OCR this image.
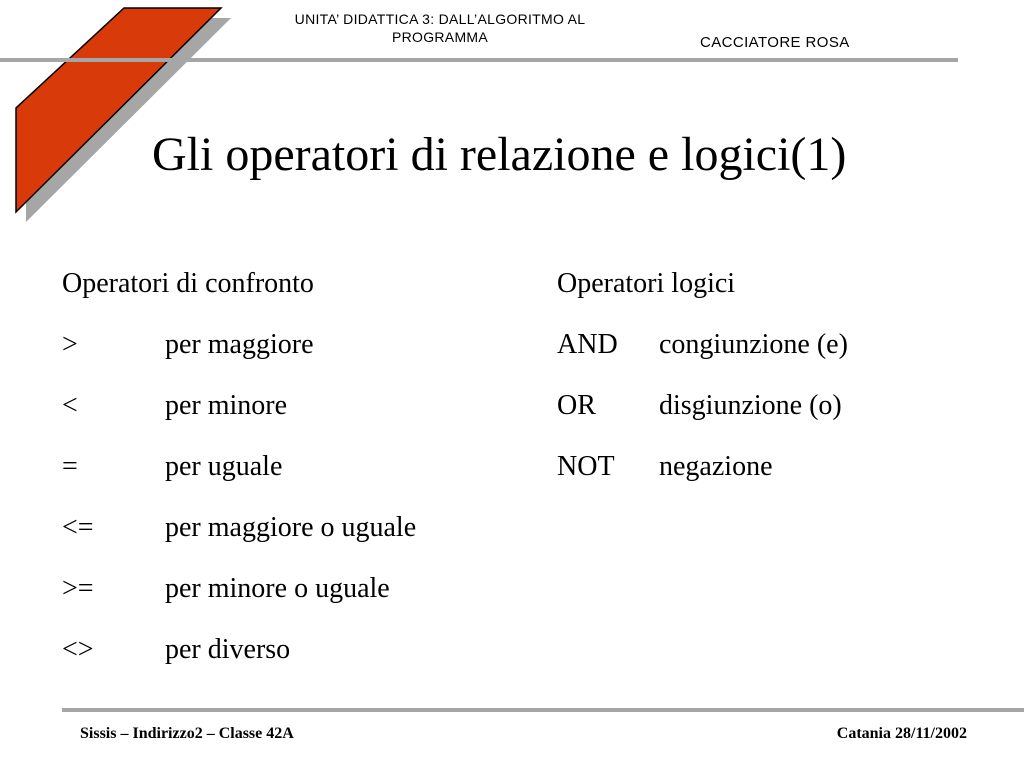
UNITA’ DIDATTICA 3: DALL’ALGORITMO AL
PROGRAMMA	CACCIATORE ROSA
Gli operatori di relazione e logici(1)
Operatori di confronto
>	per maggiore
<	per minore
=	per uguale
<=	per maggiore o uguale
>=	per minore o uguale
<>	per diverso
Operatori logici
AND congiunzione (e)
OR disgiunzione (o)
NOT negazione
Sissis – Indirizzo2 – Classe 42A	Catania 28/11/2002
